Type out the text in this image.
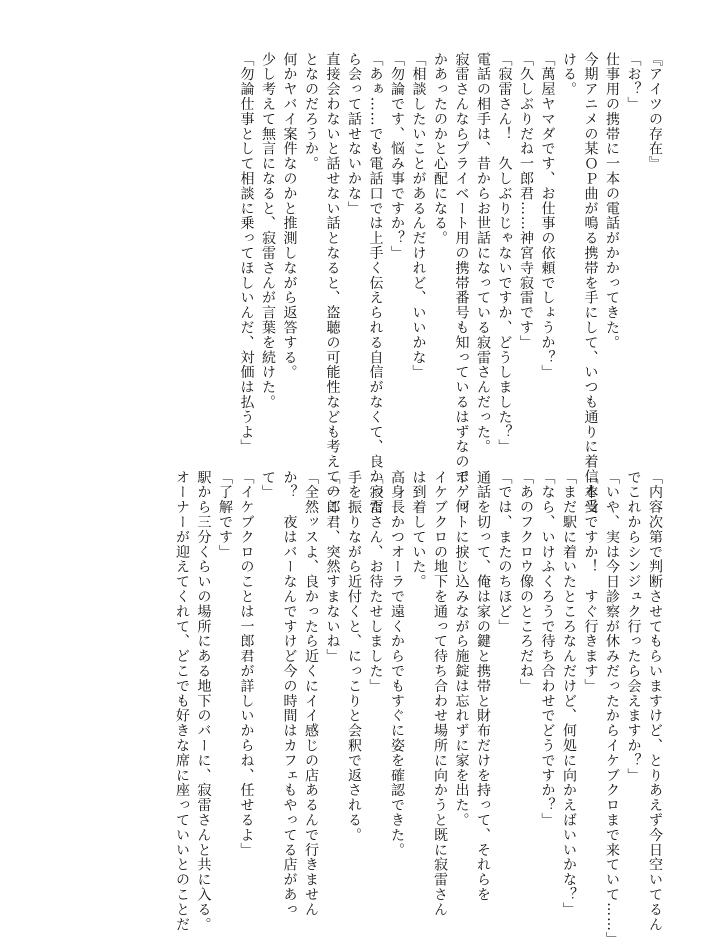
『アイツの存在』

「お？」

仕事用の携帯に一本の電話がかかってきた。

今期アニメの某ＯＰ曲が鳴る携帯を手にして、いつも通りに着信を受

ける。

「萬屋ヤマダです、お仕事の依頼でしょうか？」

「久しぶりだね一郎君……神宮寺寂雷です」

「寂雷さん！　久しぶりじゃないですか、どうしました？」

電話の相手は、昔からお世話になっている寂雷さんだった。

寂雷さんならプライベート用の携帯番号も知っているはずなので、何

かあったのかと心配になる。

「相談したいことがあるんだけれど、いいかな」

「勿論です、悩み事ですか？」

「あぁ……でも電話口では上手く伝えられる自信がなくて、良かった

ら会って話せないかな」

直接会わないと話せない話となると、盗聴の可能性なども考えてのこ

となのだろうか。

何かヤバイ案件なのかと推測しながら返答する。

少し考えて無言になると、寂雷さんが言葉を続けた。

「勿論仕事として相談に乗ってほしいんだ、対価は払うよ」

「内容次第で判断させてもらいますけど、とりあえず今日空いてるん

でこれからシンジュク行ったら会えますか？」

「いや、実は今日診察が休みだったからイケブクロまで来ていて……」

「本当ですか！　すぐ行きます」

「まだ駅に着いたところなんだけど、何処に向かえばいいかな？」

「なら、いけふくろうで待ち合わせでどうですか？」

「あのフクロウ像のところだね」

「では、またのちほど」

通話を切って、俺は家の鍵と携帯と財布だけを持って、それらを

ポケットに捩じ込みながら施錠は忘れずに家を出た。

イケブクロの地下を通って待ち合わせ場所に向かうと既に寂雷さん

は到着していた。

高身長かつオーラで遠くからでもすぐに姿を確認できた。

「寂雷さん、お待たせしました」

手を振りながら近付くと、にっこりと会釈で返される。

「一郎君、突然すまないね」

「全然ッスよ、良かったら近くにイイ感じの店あるんで行きません

か？　夜はバーなんですけど今の時間はカフェもやってる店があっ

て」

「イケブクロのことは一郎君が詳しいからね、任せるよ」

「了解です」

駅から三分くらいの場所にある地下のバーに、寂雷さんと共に入る。

オーナーが迎えてくれて、どこでも好きな席に座っていいとのことだ
